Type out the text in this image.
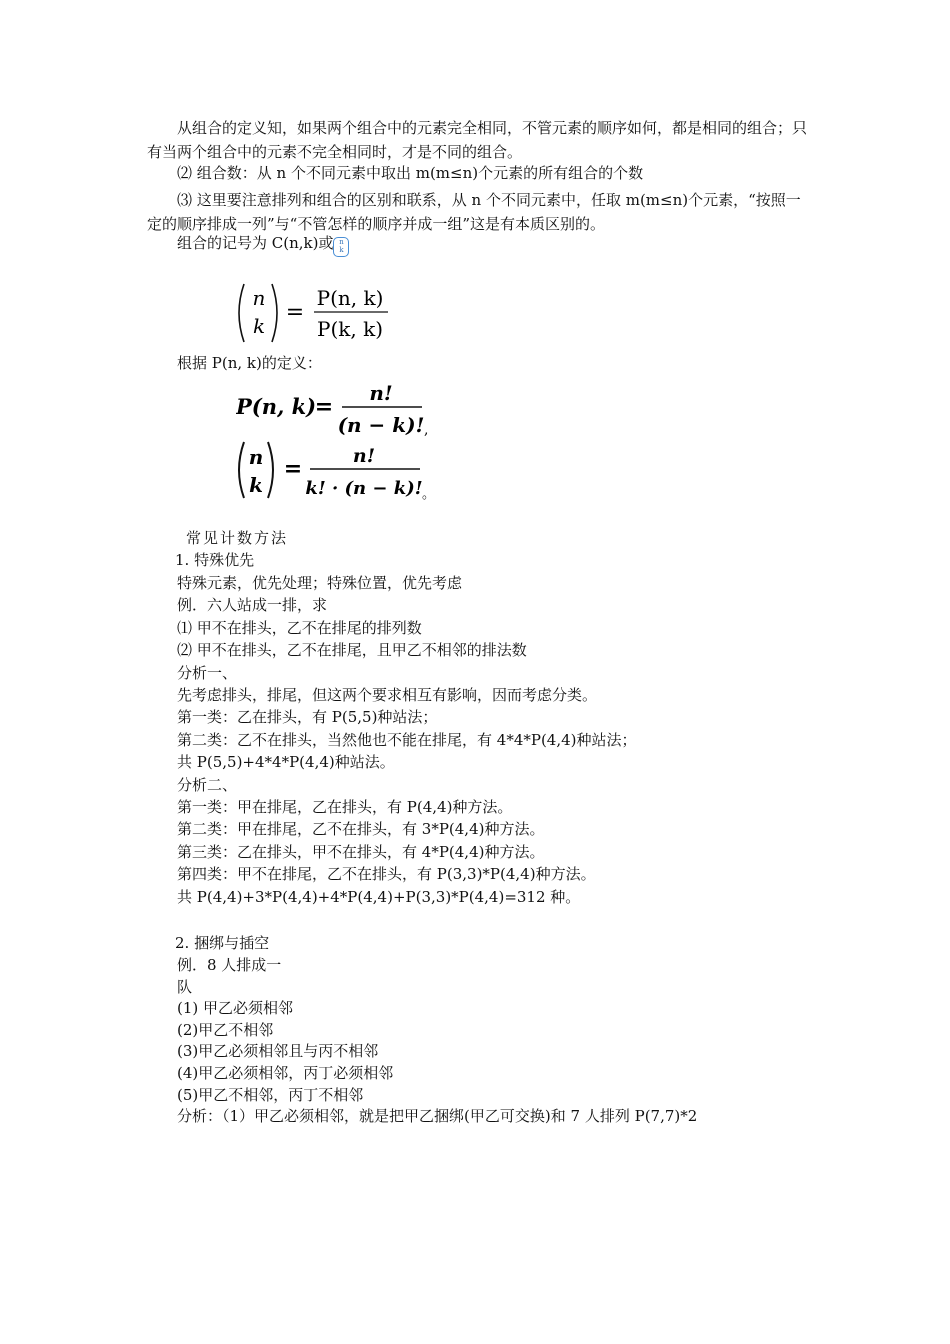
从组合的定义知，如果两个组合中的元素完全相同，不管元素的顺序如何，都是相同的组合；只有当两个组合中的元素不完全相同时，才是不同的组合。
⑵ 组合数：从 n 个不同元素中取出 m(m≤n)个元素的所有组合的个数
⑶ 这里要注意排列和组合的区别和联系，从 n 个不同元素中，任取 m(m≤n)个元素，“按照一定的顺序排成一列”与“不管怎样的顺序并成一组”这是有本质区别的。
组合的记号为 C(n,k)或 n
k
n
k
=
P(n, k)
P(k, k)
根据 P(n, k)的定义：
P(n, k)
=
n!
(n − k)! ,
n
k
=	n!
k! · (n − k)! 。
常见计数方法
1. 特殊优先
特殊元素，优先处理；特殊位置，优先考虑
例．六人站成一排，求
⑴ 甲不在排头，乙不在排尾的排列数
⑵ 甲不在排头，乙不在排尾，且甲乙不相邻的排法数
分析一、
先考虑排头，排尾，但这两个要求相互有影响，因而考虑分类。
第一类：乙在排头，有 P(5,5)种站法；
第二类：乙不在排头，当然他也不能在排尾，有 4*4*P(4,4)种站法；
共 P(5,5)+4*4*P(4,4)种站法。
分析二、
第一类：甲在排尾，乙在排头，有 P(4,4)种方法。
第二类：甲在排尾，乙不在排头，有 3*P(4,4)种方法。
第三类：乙在排头，甲不在排头，有 4*P(4,4)种方法。
第四类：甲不在排尾，乙不在排头，有 P(3,3)*P(4,4)种方法。
共 P(4,4)+3*P(4,4)+4*P(4,4)+P(3,3)*P(4,4)=312 种。
2. 捆绑与插空
例．8 人排成一
队
(1) 甲乙必须相邻
(2)甲乙不相邻
(3)甲乙必须相邻且与丙不相邻
(4)甲乙必须相邻，丙丁必须相邻
(5)甲乙不相邻，丙丁不相邻
分析：（1）甲乙必须相邻，就是把甲乙捆绑(甲乙可交换)和 7 人排列 P(7,7)*2
